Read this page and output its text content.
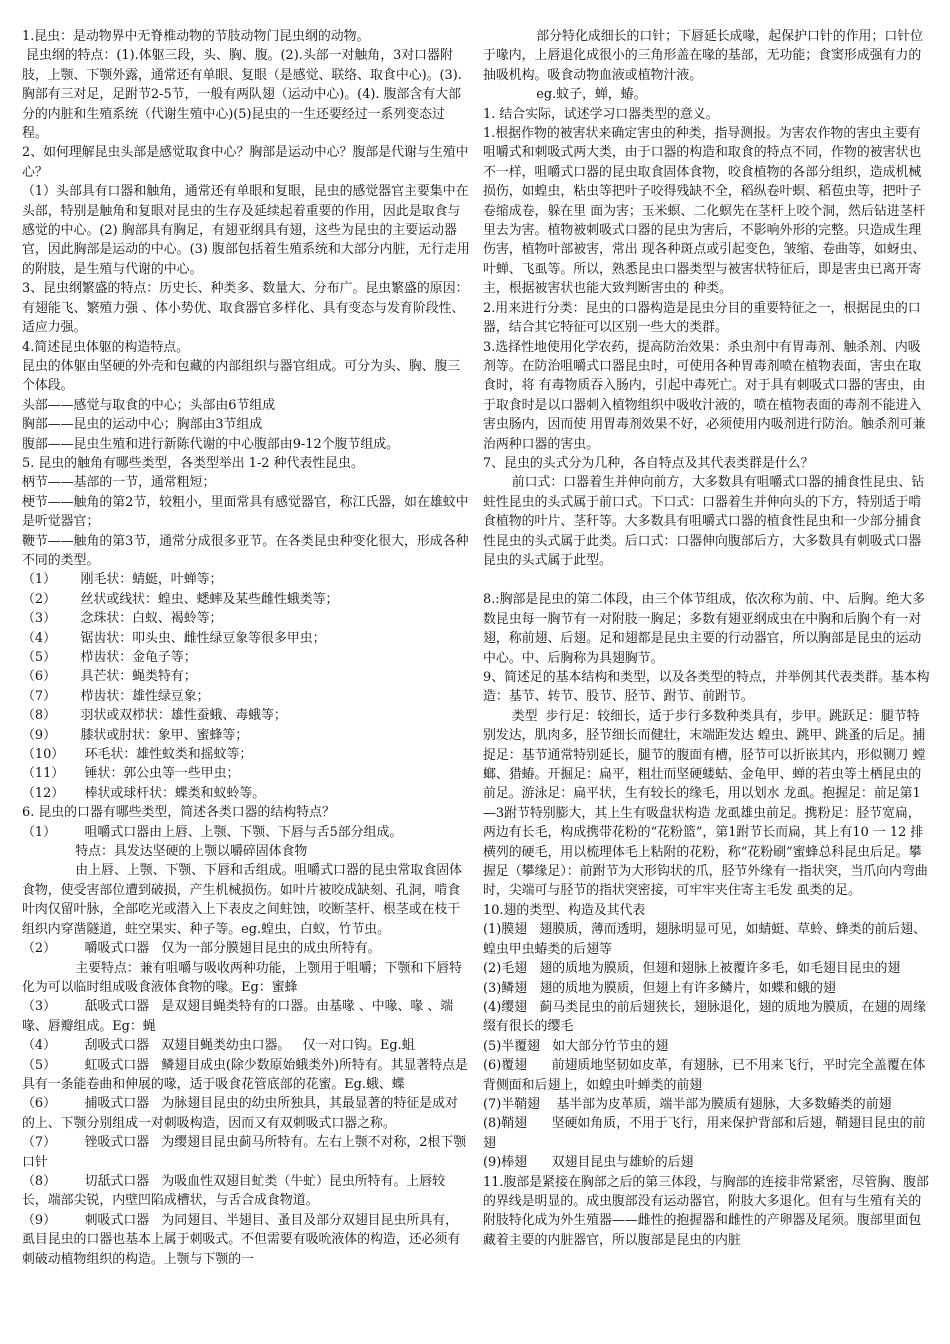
1.昆虫：是动物界中无脊椎动物的节肢动物门昆虫纲的动物。
昆虫纲的特点：(1).体躯三段，头、胸、腹。(2).头部一对触角，3对口器附肢，上颚、下颚外露，通常还有单眼、复眼（是感觉、联络、取食中心)。(3).胸部有三对足，足跗节2-5节，一般有两队翅（运动中心)。(4). 腹部含有大部分的内脏和生殖系统（代谢生殖中心)(5)昆虫的一生还要经过一系列变态过程。

2、如何理解昆虫头部是感觉取食中心？胸部是运动中心？腹部是代谢与生殖中心？
（1）头部具有口器和触角，通常还有单眼和复眼，昆虫的感觉器官主要集中在头部，特别是触角和复眼对昆虫的生存及延续起着重要的作用，因此是取食与感觉的中心。(2) 胸部具有胸足，有翅亚纲具有翅，这些为昆虫的主要运动器官，因此胸部是运动的中心。(3) 腹部包括着生殖系统和大部分内脏，无行走用的附肢，是生殖与代谢的中心。

3、昆虫纲繁盛的特点：历史长、种类多、数量大、分布广。昆虫繁盛的原因：有翅能飞、繁殖力强 、体小势优、取食器官多样化、具有变态与发育阶段性、适应力强。

4.简述昆虫体躯的构造特点。
昆虫的体躯由坚硬的外壳和包藏的内部组织与器官组成。可分为头、胸、腹三个体段。
头部——感觉与取食的中心；头部由6节组成
胸部——昆虫的运动中心；胸部由3节组成
腹部——昆虫生殖和进行新陈代谢的中心腹部由9-12个腹节组成。

5. 昆虫的触角有哪些类型，各类型举出 1-2 种代表性昆虫。
柄节——基部的一节，通常粗短；
梗节——触角的第2节，较粗小，里面常具有感觉器官，称江氏器，如在雄蚊中是听觉器官；
鞭节——触角的第3节，通常分成很多亚节。在各类昆虫种变化很大，形成各种不同的类型。
（1）      刚毛状：蜻蜓，叶蝉等；
（2）      丝状或线状：蝗虫、蟋蟀及某些雌性蛾类等；
（3）      念珠状：白蚁、褐蛉等；
（4）      锯齿状：叩头虫、雌性绿豆象等很多甲虫；
（5）      栉齿状：金龟子等；
（6）      具芒状：蝇类特有；
（7）      栉齿状：雄性绿豆象；
（8）      羽状或双栉状：雄性蚕蛾、毒蛾等；
（9）      膝状或肘状：象甲、蜜蜂等；
（10）     环毛状：雄性蚊类和摇蚊等；
（11）     锤状：郭公虫等一些甲虫；
（12）     棒状或球杆状：蝶类和蚁蛉等。

6. 昆虫的口器有哪些类型，简述各类口器的结构特点？
（1）       咀嚼式口器由上唇、上颚、下颚、下唇与舌5部分组成。
特点：具发达坚硬的上颚以嚼碎固体食物
由上唇、上颚、下颚、下唇和舌组成。咀嚼式口器的昆虫常取食固体食物，使受害部位遭到破损，产生机械损伤。如叶片被咬成缺刻、孔洞，啃食叶肉仅留叶脉，全部吃光或潜入上下表皮之间蛀蚀，咬断茎杆、根茎或在枝干组织内穿凿隧道，蛀空果实、种子等。eg.蝗虫，白蚁，竹节虫。
（2）       嚼吸式口器   仅为一部分膜翅目昆虫的成虫所特有。
主要特点：兼有咀嚼与吸收两种功能，上颚用于咀嚼；下颚和下唇特化为可以临时组成吸食液体食物的喙。Eg：蜜蜂
（3）       舐吸式口器   是双翅目蝇类特有的口器。由基喙 、中喙、喙 、端喙、唇瓣组成。Eg：蝇
（4）       刮吸式口器   双翅目蝇类幼虫口器。   仅一对口钩。Eg.蛆
（5）       虹吸式口器   鳞翅目成虫(除少数原始蛾类外)所特有。其显著特点是具有一条能卷曲和伸展的喙，适于吸食花管底部的花蜜。Eg.蛾、蝶
（6）       捕吸式口器   为脉翅目昆虫的幼虫所独具，其最显著的特征是成对的上、下颚分别组成一对刺吸构造，因而又有双刺吸式口器之称。
（7）       锉吸式口器   为缨翅目昆虫蓟马所特有。左右上颚不对称，2根下颚口针
（8）       切舐式口器   为吸血性双翅目虻类（牛虻）昆虫所特有。上唇较长，端部尖锐，内壁凹陷成槽状，与舌合成食物道。
（9）       刺吸式口器   为同翅目、半翅目、蚤目及部分双翅目昆虫所具有，虱目昆虫的口器也基本上属于刺吸式。不但需要有吸吮液体的构造，还必须有刺破动植物组织的构造。上颚与下颚的一

部分特化成细长的口针；下唇延长成喙，起保护口针的作用；口针位于喙内，上唇退化成很小的三角形盖在喙的基部，无功能；食窦形成强有力的抽吸机构。吸食动物血液或植物汁液。
eg.蚊子，蝉，蝽。

1. 结合实际，试述学习口器类型的意义。
1.根据作物的被害状来确定害虫的种类，指导测报。为害农作物的害虫主要有咀嚼式和刺吸式两大类，由于口器的构造和取食的特点不同，作物的被害状也不一样，咀嚼式口器的昆虫取食固体食物，咬食植物的各部分组织，造成机械损伤，如蝗虫，粘虫等把叶子咬得残缺不全，稻纵卷叶螟、稻苞虫等，把叶子卷缩成卷，躲在里 面为害；玉米螟、二化螟先在茎杆上咬个洞，然后钻进茎杆里去为害。植物被刺吸式口器的昆虫为害后，不影响外形的完整。只造成生理伤害，植物叶部被害，常出 现各种斑点或引起变色，皱缩、卷曲等，如蚜虫、叶蝉、飞虱等。所以，熟悉昆虫口器类型与被害状特征后，即是害虫已离开寄主，根据被害状也能大致判断害虫的 种类。
2.用来进行分类：昆虫的口器构造是昆虫分目的重要特征之一，根据昆虫的口器，结合其它特征可以区别一些大的类群。
3.选择性地使用化学农药，提高防治效果：杀虫剂中有胃毒剂、触杀剂、内吸剂等。在防治咀嚼式口器昆虫时，可使用各种胃毒剂喷在植物表面，害虫在取食时，将 有毒物质吞入肠内，引起中毒死亡。对于具有刺吸式口器的害虫，由于取食时是以口器刺入植物组织中吸收汁液的，喷在植物表面的毒剂不能进入害虫肠内，因而使 用胃毒剂效果不好，必须使用内吸剂进行防治。触杀剂可兼治两种口器的害虫。

7、昆虫的头式分为几种，各自特点及其代表类群是什么？
前口式：口器着生并伸向前方，大多数具有咀嚼式口器的捕食性昆虫、钻蛀性昆虫的头式属于前口式。下口式：口器着生并伸向头的下方，特别适于啃食植物的叶片、茎秆等。大多数具有咀嚼式口器的植食性昆虫和一少部分捕食性昆虫的头式属于此类。后口式：口器伸向腹部后方，大多数具有刺吸式口器昆虫的头式属于此型。

8.:胸部是昆虫的第二体段，由三个体节组成，依次称为前、中、后胸。绝大多数昆虫每一胸节有一对附肢一胸足；多数有翅亚纲成虫在中胸和后胸个有一对翅，称前翅、后翅。足和翅都是昆虫主要的行动器官，所以胸部是昆虫的运动中心。中、后胸称为具翅胸节。
9、简述足的基本结构和类型，以及各类型的特点，并举例其代表类群。基本构造：基节、转节、股节、胫节、跗节、前跗节。
类型  步行足：较细长，适于步行多数种类具有，步甲。跳跃足：腿节特别发达，肌肉多，胫节细长而健壮，末端距发达 蝗虫、跳甲、跳蚤的后足。捕捉足：基节通常特别延长，腿节的腹面有槽，胫节可以折嵌其内，形似铡刀 螳螂、猎蝽。开掘足：扁平，粗壮而坚硬蝼蛄、金龟甲、蝉的若虫等土栖昆虫的前足。游泳足：扁平状，生有较长的缘毛，用以划水 龙虱。抱握足：前足第1—3跗节特别膨大，其上生有吸盘状构造 龙虱雄虫前足。携粉足：胫节宽扁，两边有长毛，构成携带花粉的“花粉篮”，第1跗节长而扁，其上有10 一 12 排横列的硬毛，用以梳理体毛上粘附的花粉，称“花粉刷”蜜蜂总科昆虫后足。攀握足（攀缘足）：前跗节为大形钩状的爪，胫节外缘有一指状突，当爪向内弯曲时，尖端可与胫节的指状突密接，可牢牢夹住寄主毛发 虱类的足。
10.翅的类型、构造及其代表
(1)膜翅   翅膜质，薄而透明，翅脉明显可见，如蜻蜓、草蛉、蜂类的前后翅、蝗虫甲虫蝽类的后翅等
(2)毛翅   翅的质地为膜质，但翅和翅脉上被覆许多毛，如毛翅目昆虫的翅
(3)鳞翅   翅的质地为膜质，但翅上有许多鳞片，如蝶和蛾的翅
(4)缨翅   蓟马类昆虫的前后翅狭长，翅脉退化，翅的质地为膜质，在翅的周缘缀有很长的缨毛
(5)半覆翅   如大部分竹节虫的翅
(6)覆翅      前翅质地坚韧如皮革，有翅脉，已不用来飞行，平时完全盖覆在体背侧面和后翅上，如蝗虫叶蝉类的前翅
(7)半鞘翅    基半部为皮革质，端半部为膜质有翅脉，大多数蝽类的前翅
(8)鞘翅      坚硬如角质，不用于飞行，用来保护背部和后翅，鞘翅目昆虫的前翅
(9)棒翅      双翅目昆虫与雄蚧的后翅
11.腹部是紧接在胸部之后的第三体段，与胸部的连接非常紧密，尽管胸、腹部的界线是明显的。成虫腹部没有运动器官，附肢大多退化。但有与生殖有关的附肢特化成为外生殖器——雌性的抱握器和雌性的产卵器及尾须。腹部里面包藏着主要的内脏器官，所以腹部是昆虫的内脏
